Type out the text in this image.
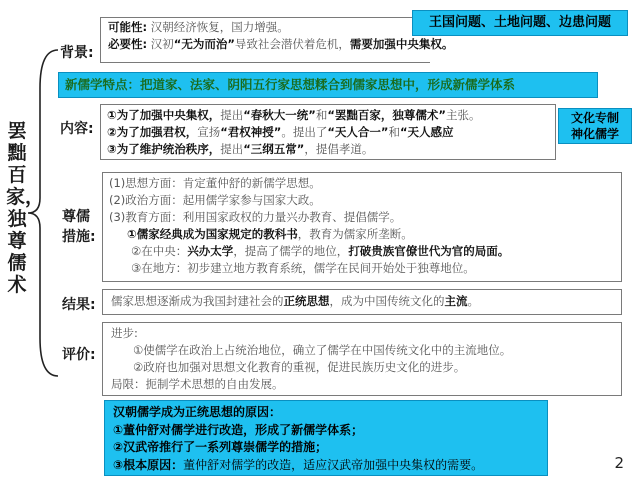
罢黜百家，独尊儒术
背景:
可能性: 汉朝经济恢复，国力增强。
必要性: 汉初“无为而治”导致社会潜伏着危机，需要加强中央集权。
王国问题、土地问题、边患问题
新儒学特点：把道家、法家、阴阳五行家思想糅合到儒家思想中，形成新儒学体系
内容:
①为了加强中央集权，提出“春秋大一统”和“罢黜百家，独尊儒术”主张。
②为了加强君权，宣扬“君权神授”。提出了“天人合一”和“天人感应
③为了维护统治秩序，提出“三纲五常”，提倡孝道。
文化专制
神化儒学
尊儒
措施:
(1)思想方面：肯定董仲舒的新儒学思想。
(2)政治方面：起用儒学家参与国家大政。
(3)教育方面：利用国家政权的力量兴办教育、提倡儒学。
①儒家经典成为国家规定的教科书，教育为儒家所垄断。
②在中央：兴办太学，提高了儒学的地位，打破贵族官僚世代为官的局面。
③在地方：初步建立地方教育系统，儒学在民间开始处于独尊地位。
结果: 儒家思想逐渐成为我国封建社会的正统思想，成为中国传统文化的主流。
评价:
进步:
①使儒学在政治上占统治地位，确立了儒学在中国传统文化中的主流地位。
②政府也加强对思想文化教育的重视，促进民族历史文化的进步。
局限：扼制学术思想的自由发展。
汉朝儒学成为正统思想的原因：
①董仲舒对儒学进行改造，形成了新儒学体系；
②汉武帝推行了一系列尊崇儒学的措施；
③根本原因：董仲舒对儒学的改造，适应汉武帝加强中央集权的需要。	2
